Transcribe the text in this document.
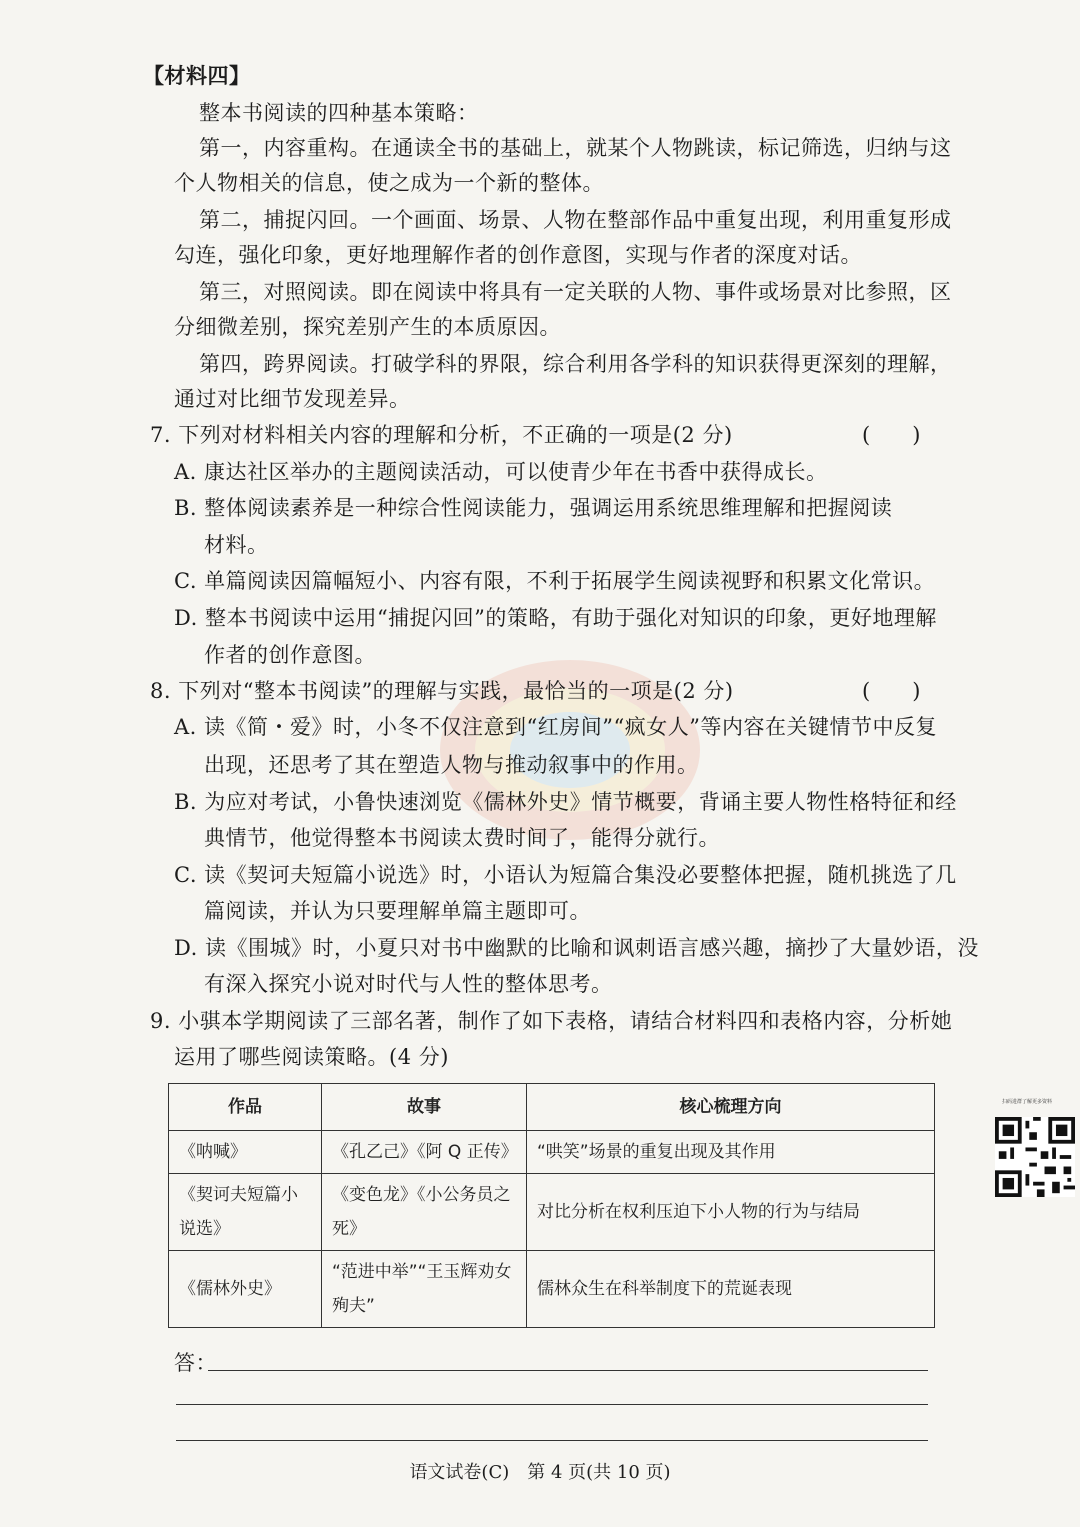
【材料四】
整本书阅读的四种基本策略：
第一，内容重构。在通读全书的基础上，就某个人物跳读，标记筛选，归纳与这
个人物相关的信息，使之成为一个新的整体。
第二，捕捉闪回。一个画面、场景、人物在整部作品中重复出现，利用重复形成
勾连，强化印象，更好地理解作者的创作意图，实现与作者的深度对话。
第三，对照阅读。即在阅读中将具有一定关联的人物、事件或场景对比参照，区
分细微差别，探究差别产生的本质原因。
第四，跨界阅读。打破学科的界限，综合利用各学科的知识获得更深刻的理解，
通过对比细节发现差异。
7. 下列对材料相关内容的理解和分析，不正确的一项是(2 分)	(　　)
A. 康达社区举办的主题阅读活动，可以使青少年在书香中获得成长。
B. 整体阅读素养是一种综合性阅读能力，强调运用系统思维理解和把握阅读
材料。
C. 单篇阅读因篇幅短小、内容有限，不利于拓展学生阅读视野和积累文化常识。
D. 整本书阅读中运用“捕捉闪回”的策略，有助于强化对知识的印象，更好地理解
作者的创作意图。
8. 下列对“整本书阅读”的理解与实践，最恰当的一项是(2 分)	(　　)
A. 读《简・爱》时，小冬不仅注意到“红房间”“疯女人”等内容在关键情节中反复
出现，还思考了其在塑造人物与推动叙事中的作用。
B. 为应对考试，小鲁快速浏览《儒林外史》情节概要，背诵主要人物性格特征和经
典情节，他觉得整本书阅读太费时间了，能得分就行。
C. 读《契诃夫短篇小说选》时，小语认为短篇合集没必要整体把握，随机挑选了几
篇阅读，并认为只要理解单篇主题即可。
D. 读《围城》时，小夏只对书中幽默的比喻和讽刺语言感兴趣，摘抄了大量妙语，没
有深入探究小说对时代与人性的整体思考。
9. 小骐本学期阅读了三部名著，制作了如下表格，请结合材料四和表格内容，分析她
运用了哪些阅读策略。(4 分)
作品	故事	核心梳理方向
《呐喊》	《孔乙己》《阿 Q 正传》	“哄笑”场景的重复出现及其作用
《契诃夫短篇小说选》	《变色龙》《小公务员之死》	对比分析在权利压迫下小人物的行为与结局
《儒林外史》	“范进中举”“王玉辉劝女殉夫”	儒林众生在科举制度下的荒诞表现
答：
语文试卷(C)　第 4 页(共 10 页)
扫码进群了解更多资料
